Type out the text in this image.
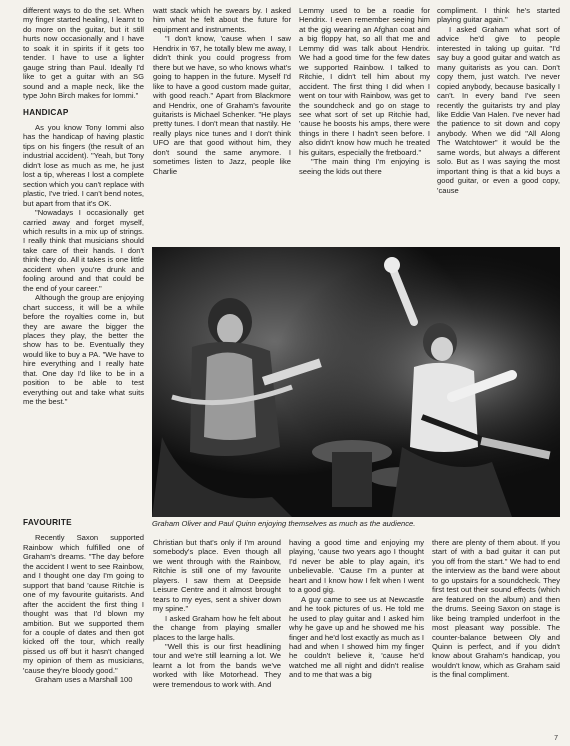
different ways to do the set. When my finger started healing, I learnt to do more on the guitar, but it still hurts now occasionally and I have to soak it in spirits if it gets too tender. I have to use a lighter gauge string than Paul. Ideally I'd like to get a guitar with an SG sound and a maple neck, like the type John Birch makes for Iommi."

HANDICAP

As you know Tony Iommi also has the handicap of having plastic tips on his fingers (the result of an industrial accident). "Yeah, but Tony didn't lose as much as me, he just lost a tip, whereas I lost a complete section which you can't replace with plastic, I've tried. I can't bend notes, but apart from that it's OK.

"Nowadays I occasionally get carried away and forget myself, which results in a mix up of strings. I really think that musicians should take care of their hands. I don't think they do. All it takes is one little accident when you're drunk and fooling around and that could be the end of your career."

Although the group are enjoying chart success, it will be a while before the royalties come in, but they are aware the bigger the places they play, the better the show has to be. Eventually they would like to buy a PA. "We have to hire everything and I really hate that. One day I'd like to be in a position to be able to test everything out and take what suits me the best."

watt stack which he swears by. I asked him what he felt about the future for equipment and instruments.

"I don't know, 'cause when I saw Hendrix in '67, he totally blew me away, I didn't think you could progress from there but we have, so who knows what's going to happen in the future. Myself I'd like to have a good custom made guitar, with good reach." Apart from Blackmore and Hendrix, one of Graham's favourite guitarists is Michael Schenker. "He plays pretty tunes. I don't mean that nastily. He really plays nice tunes and I don't think UFO are that good without him, they don't sound the same anymore. I sometimes listen to Jazz, people like Charlie

Lemmy used to be a roadie for Hendrix. I even remember seeing him at the gig wearing an Afghan coat and a big floppy hat, so all that me and Lemmy did was talk about Hendrix. We had a good time for the few dates we supported Rainbow. I talked to Ritchie, I didn't tell him about my accident. The first thing I did when I went on tour with Rainbow, was get to the soundcheck and go on stage to see what sort of set up Ritchie had, 'cause he boosts his amps, there were things in there I hadn't seen before. I also didn't know how much he treated his guitars, especially the fretboard."

"The main thing I'm enjoying is seeing the kids out there

compliment. I think he's started playing guitar again."

I asked Graham what sort of advice he'd give to people interested in taking up guitar. "I'd say buy a good guitar and watch as many guitarists as you can. Don't copy them, just watch. I've never copied anybody, because basically I can't. In every band I've seen recently the guitarists try and play like Eddie Van Halen. I've never had the patience to sit down and copy anybody. When we did "All Along The Watchtower" it would be the same words, but always a different solo. But as I was saying the most important thing is that a kid buys a good guitar, or even a good copy, 'cause

Graham Oliver and Paul Quinn enjoying themselves as much as the audience.
FAVOURITE

Recently Saxon supported Rainbow which fulfilled one of Graham's dreams. "The day before the accident I went to see Rainbow, and I thought one day I'm going to support that band 'cause Ritchie is one of my favourite guitarists. And after the accident the first thing I thought was that I'd blown my ambition. But we supported them for a couple of dates and then got kicked off the tour, which really pissed us off but it hasn't changed my opinion of them as musicians, 'cause they're bloody good."

Graham uses a Marshall 100

Christian but that's only if I'm around somebody's place. Even though all we went through with the Rainbow, Ritchie is still one of my favourite players. I saw them at Deepside Leisure Centre and it almost brought tears to my eyes, sent a shiver down my spine."

I asked Graham how he felt about the change from playing smaller places to the large halls.

"Well this is our first headlining tour and we're still learning a lot. We learnt a lot from the bands we've worked with like Motorhead. They were tremendous to work with. And

having a good time and enjoying my playing, 'cause two years ago I thought I'd never be able to play again, it's unbelievable. 'Cause I'm a punter at heart and I know how I felt when I went to a good gig.

A guy came to see us at Newcastle and he took pictures of us. He told me he used to play guitar and I asked him why he gave up and he showed me his finger and he'd lost exactly as much as I had and when I showed him my finger he couldn't believe it, 'cause he'd watched me all night and didn't realise and to me that was a big

there are plenty of them about. If you start of with a bad guitar it can put you off from the start." We had to end the interview as the band were about to go upstairs for a soundcheck. They first test out their sound effects (which are featured on the album) and then the drums. Seeing Saxon on stage is like being trampled underfoot in the most pleasant way possible. The counter-balance between Oly and Quinn is perfect, and if you didn't know about Graham's handicap, you wouldn't know, which as Graham said is the final compliment.

7
